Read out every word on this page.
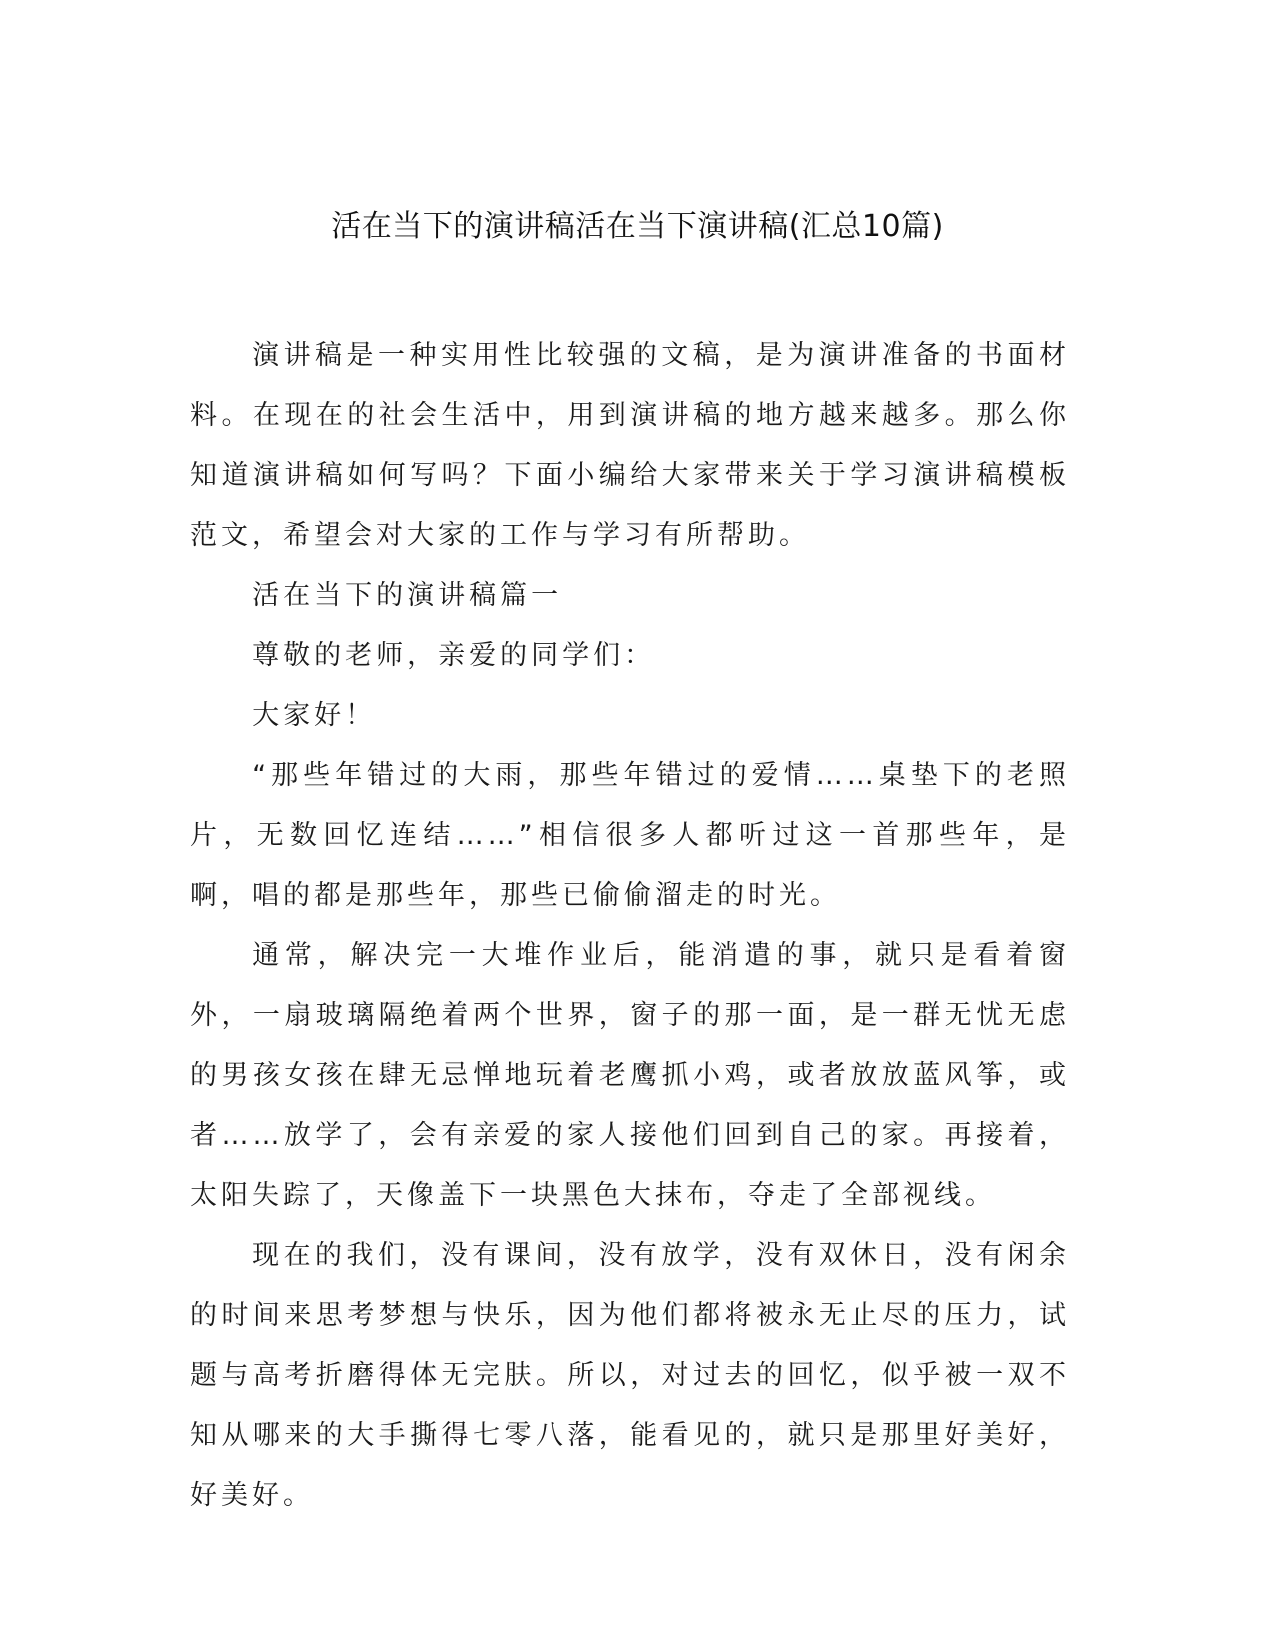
活在当下的演讲稿活在当下演讲稿(汇总10篇)

演讲稿是一种实用性比较强的文稿，是为演讲准备的书面材料。在现在的社会生活中，用到演讲稿的地方越来越多。那么你知道演讲稿如何写吗？下面小编给大家带来关于学习演讲稿模板范文，希望会对大家的工作与学习有所帮助。

活在当下的演讲稿篇一

尊敬的老师，亲爱的同学们：

大家好！

“那些年错过的大雨，那些年错过的爱情……桌垫下的老照片，无数回忆连结……”相信很多人都听过这一首那些年，是啊，唱的都是那些年，那些已偷偷溜走的时光。

通常，解决完一大堆作业后，能消遣的事，就只是看着窗外，一扇玻璃隔绝着两个世界，窗子的那一面，是一群无忧无虑的男孩女孩在肆无忌惮地玩着老鹰抓小鸡，或者放放蓝风筝，或者……放学了，会有亲爱的家人接他们回到自己的家。再接着，太阳失踪了，天像盖下一块黑色大抹布，夺走了全部视线。

现在的我们，没有课间，没有放学，没有双休日，没有闲余的时间来思考梦想与快乐，因为他们都将被永无止尽的压力，试题与高考折磨得体无完肤。所以，对过去的回忆，似乎被一双不知从哪来的大手撕得七零八落，能看见的，就只是那里好美好，好美好。
